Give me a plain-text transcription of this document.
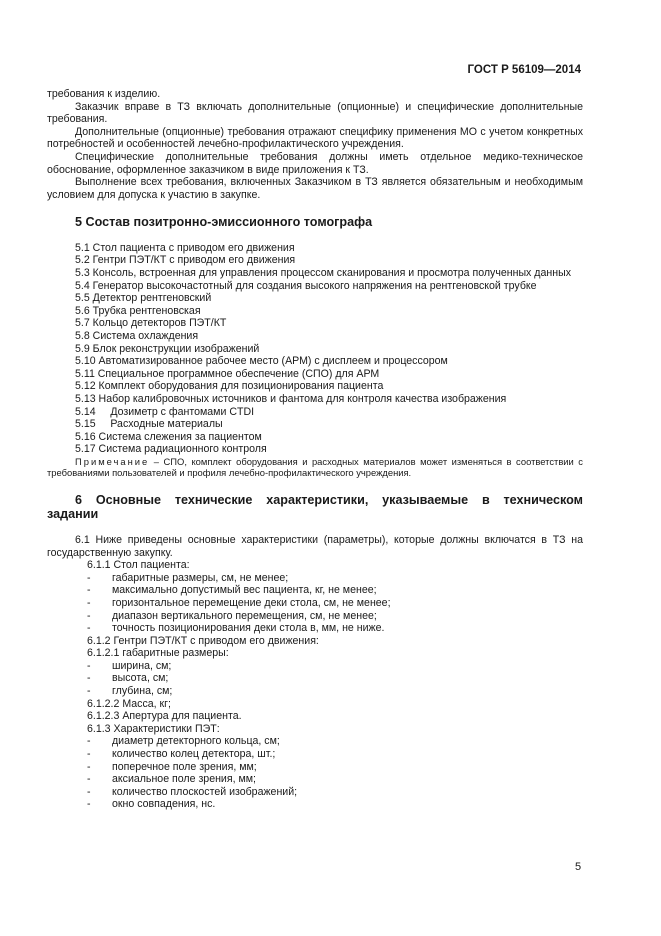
ГОСТ Р 56109—2014

требования к изделию.

Заказчик вправе в ТЗ включать дополнительные (опционные) и специфические дополнительные требования.

Дополнительные (опционные) требования отражают специфику применения МО с учетом конкретных потребностей и особенностей лечебно-профилактического учреждения.

Специфические дополнительные требования должны иметь отдельное медико-техническое обоснование, оформленное заказчиком в виде приложения к ТЗ.

Выполнение всех требования, включенных Заказчиком в ТЗ является обязательным и необходимым условием для допуска к участию в закупке.

5 Состав позитронно-эмиссионного томографа
5.1 Стол пациента с приводом его движения
5.2 Гентри ПЭТ/КТ с приводом его движения
5.3 Консоль, встроенная для управления процессом сканирования и просмотра полученных данных
5.4 Генератор высокочастотный для создания высокого напряжения на рентгеновской трубке
5.5 Детектор рентгеновский
5.6 Трубка рентгеновская
5.7 Кольцо детекторов ПЭТ/КТ
5.8 Система охлаждения
5.9 Блок реконструкции изображений
5.10 Автоматизированное рабочее место (АРМ) с дисплеем и процессором
5.11 Специальное программное обеспечение (СПО) для АРМ
5.12 Комплект оборудования для позиционирования пациента
5.13 Набор калибровочных источников и фантома для контроля качества изображения
5.14     Дозиметр с фантомами CTDI
5.15     Расходные материалы
5.16 Система слежения за пациентом
5.17 Система радиационного контроля

Примечание – СПО, комплект оборудования и расходных материалов может изменяться в соответствии с требованиями пользователей и профиля лечебно-профилактического учреждения.

6 Основные технические характеристики, указываемые в техническом задании

6.1 Ниже приведены основные характеристики (параметры), которые должны включатся в ТЗ на государственную закупку.

6.1.1 Стол пациента:
-	габаритные размеры, см, не менее;
-	максимально допустимый вес пациента, кг, не менее;
-	горизонтальное перемещение деки стола, см, не менее;
-	диапазон вертикального перемещения, см, не менее;
-	точность позиционирования деки стола в, мм, не ниже.
6.1.2 Гентри ПЭТ/КТ с приводом его движения:
6.1.2.1 габаритные размеры:
-	ширина, см;
-	высота, см;
-	глубина, см;
6.1.2.2 Масса, кг;
6.1.2.3 Апертура для пациента.
6.1.3 Характеристики ПЭТ:
-	диаметр детекторного кольца, см;
-	количество колец детектора, шт.;
-	поперечное поле зрения, мм;
-	аксиальное поле зрения, мм;
-	количество плоскостей изображений;
-	окно совпадения, нс.
5
